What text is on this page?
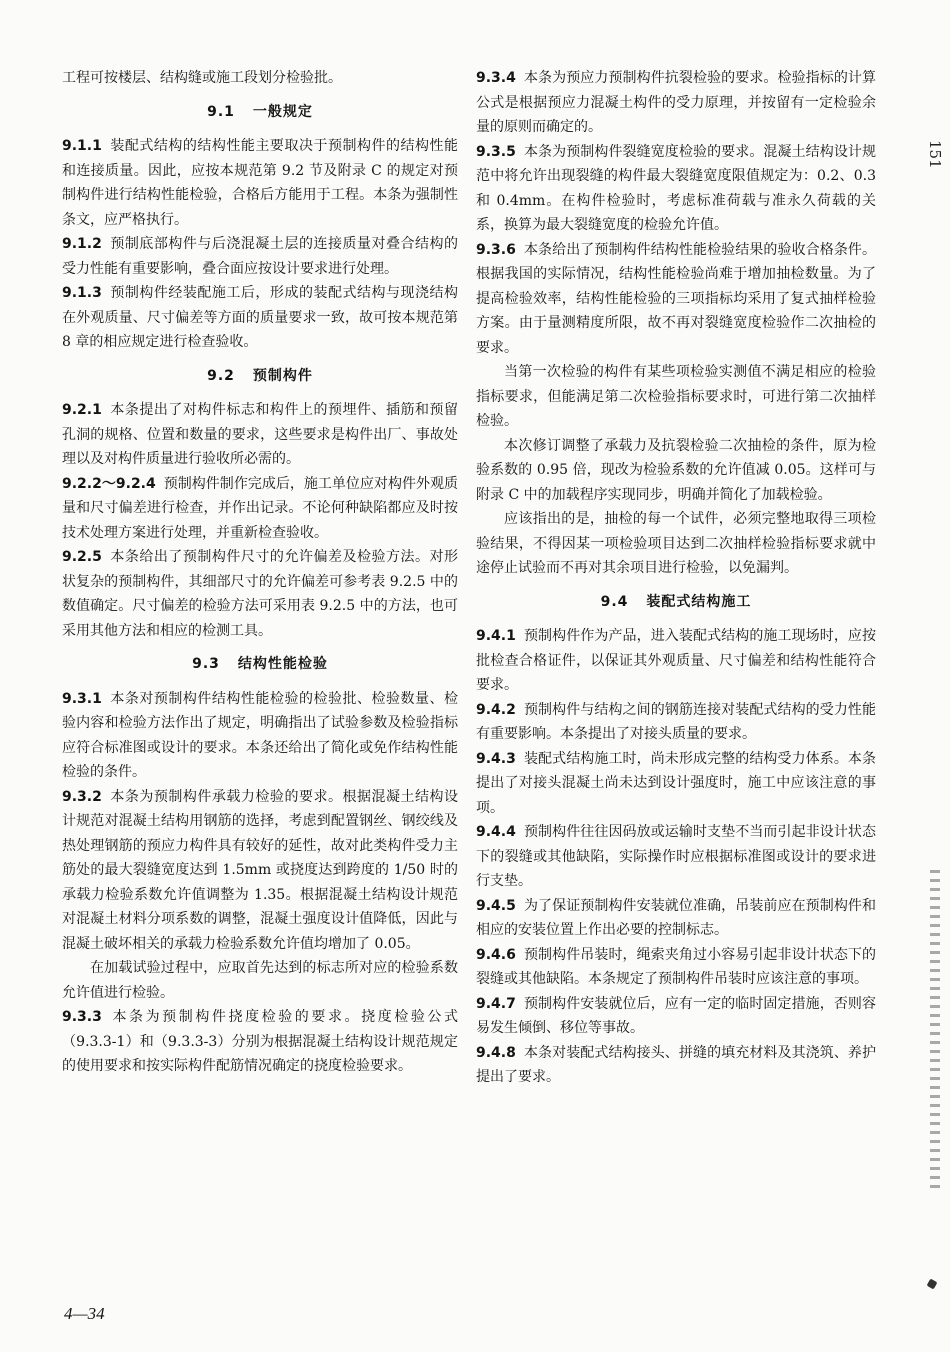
工程可按楼层、结构缝或施工段划分检验批。

9.1 一般规定

9.1.1 装配式结构的结构性能主要取决于预制构件的结构性能和连接质量。因此，应按本规范第 9.2 节及附录 C 的规定对预制构件进行结构性能检验，合格后方能用于工程。本条为强制性条文，应严格执行。

9.1.2 预制底部构件与后浇混凝土层的连接质量对叠合结构的受力性能有重要影响，叠合面应按设计要求进行处理。

9.1.3 预制构件经装配施工后，形成的装配式结构与现浇结构在外观质量、尺寸偏差等方面的质量要求一致，故可按本规范第 8 章的相应规定进行检查验收。

9.2 预制构件

9.2.1 本条提出了对构件标志和构件上的预埋件、插筋和预留孔洞的规格、位置和数量的要求，这些要求是构件出厂、事故处理以及对构件质量进行验收所必需的。

9.2.2～9.2.4 预制构件制作完成后，施工单位应对构件外观质量和尺寸偏差进行检查，并作出记录。不论何种缺陷都应及时按技术处理方案进行处理，并重新检查验收。

9.2.5 本条给出了预制构件尺寸的允许偏差及检验方法。对形状复杂的预制构件，其细部尺寸的允许偏差可参考表 9.2.5 中的数值确定。尺寸偏差的检验方法可采用表 9.2.5 中的方法，也可采用其他方法和相应的检测工具。

9.3 结构性能检验

9.3.1 本条对预制构件结构性能检验的检验批、检验数量、检验内容和检验方法作出了规定，明确指出了试验参数及检验指标应符合标准图或设计的要求。本条还给出了简化或免作结构性能检验的条件。

9.3.2 本条为预制构件承载力检验的要求。根据混凝土结构设计规范对混凝土结构用钢筋的选择，考虑到配置钢丝、钢绞线及热处理钢筋的预应力构件具有较好的延性，故对此类构件受力主筋处的最大裂缝宽度达到 1.5mm 或挠度达到跨度的 1/50 时的承载力检验系数允许值调整为 1.35。根据混凝土结构设计规范对混凝土材料分项系数的调整，混凝土强度设计值降低，因此与混凝土破坏相关的承载力检验系数允许值均增加了 0.05。

在加载试验过程中，应取首先达到的标志所对应的检验系数允许值进行检验。

9.3.3 本条为预制构件挠度检验的要求。挠度检验公式（9.3.3-1）和（9.3.3-3）分别为根据混凝土结构设计规范规定的使用要求和按实际构件配筋情况确定的挠度检验要求。

9.3.4 本条为预应力预制构件抗裂检验的要求。检验指标的计算公式是根据预应力混凝土构件的受力原理，并按留有一定检验余量的原则而确定的。

9.3.5 本条为预制构件裂缝宽度检验的要求。混凝土结构设计规范中将允许出现裂缝的构件最大裂缝宽度限值规定为：0.2、0.3 和 0.4mm。在构件检验时，考虑标准荷载与准永久荷载的关系，换算为最大裂缝宽度的检验允许值。

9.3.6 本条给出了预制构件结构性能检验结果的验收合格条件。根据我国的实际情况，结构性能检验尚难于增加抽检数量。为了提高检验效率，结构性能检验的三项指标均采用了复式抽样检验方案。由于量测精度所限，故不再对裂缝宽度检验作二次抽检的要求。

当第一次检验的构件有某些项检验实测值不满足相应的检验指标要求，但能满足第二次检验指标要求时，可进行第二次抽样检验。

本次修订调整了承载力及抗裂检验二次抽检的条件，原为检验系数的 0.95 倍，现改为检验系数的允许值减 0.05。这样可与附录 C 中的加载程序实现同步，明确并简化了加载检验。

应该指出的是，抽检的每一个试件，必须完整地取得三项检验结果，不得因某一项检验项目达到二次抽样检验指标要求就中途停止试验而不再对其余项目进行检验，以免漏判。

9.4 装配式结构施工

9.4.1 预制构件作为产品，进入装配式结构的施工现场时，应按批检查合格证件，以保证其外观质量、尺寸偏差和结构性能符合要求。

9.4.2 预制构件与结构之间的钢筋连接对装配式结构的受力性能有重要影响。本条提出了对接头质量的要求。

9.4.3 装配式结构施工时，尚未形成完整的结构受力体系。本条提出了对接头混凝土尚未达到设计强度时，施工中应该注意的事项。

9.4.4 预制构件往往因码放或运输时支垫不当而引起非设计状态下的裂缝或其他缺陷，实际操作时应根据标准图或设计的要求进行支垫。

9.4.5 为了保证预制构件安装就位准确，吊装前应在预制构件和相应的安装位置上作出必要的控制标志。

9.4.6 预制构件吊装时，绳索夹角过小容易引起非设计状态下的裂缝或其他缺陷。本条规定了预制构件吊装时应该注意的事项。

9.4.7 预制构件安装就位后，应有一定的临时固定措施，否则容易发生倾倒、移位等事故。

9.4.8 本条对装配式结构接头、拼缝的填充材料及其浇筑、养护提出了要求。

4—34
151
